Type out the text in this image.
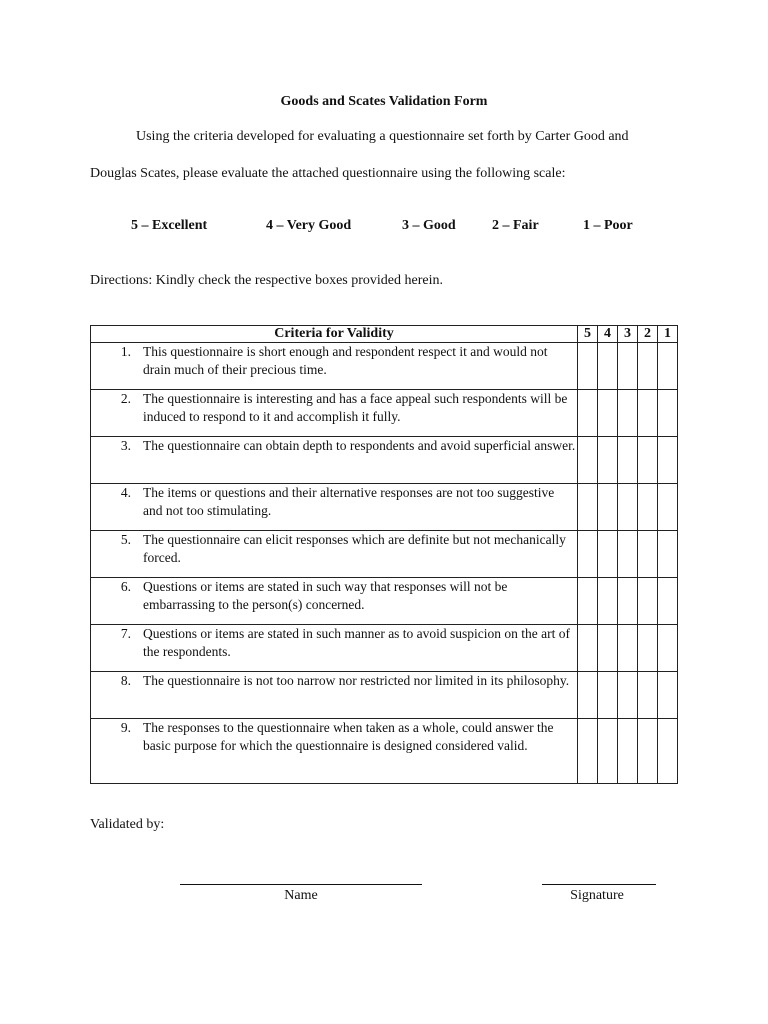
Goods and Scates Validation Form
Using the criteria developed for evaluating a questionnaire set forth by Carter Good and
Douglas Scates, please evaluate the attached questionnaire using the following scale:
5 – Excellent	4 – Very Good	3 – Good	2 – Fair	1 – Poor
Directions: Kindly check the respective boxes provided herein.
Criteria for Validity	5	4	3	2	1

1. This questionnaire is short enough and respondent respect it and would not drain much of their precious time.					

2. The questionnaire is interesting and has a face appeal such respondents will be induced to respond to it and accomplish it fully.					

3. The questionnaire can obtain depth to respondents and avoid superficial answer.					

4. The items or questions and their alternative responses are not too suggestive and not too stimulating.					

5. The questionnaire can elicit responses which are definite but not mechanically forced.					

6. Questions or items are stated in such way that responses will not be embarrassing to the person(s) concerned.					

7. Questions or items are stated in such manner as to avoid suspicion on the art of the respondents.					

8. The questionnaire is not too narrow nor restricted nor limited in its philosophy.					

9. The responses to the questionnaire when taken as a whole, could answer the basic purpose for which the questionnaire is designed considered valid.					

Validated by:
Name	Signature
